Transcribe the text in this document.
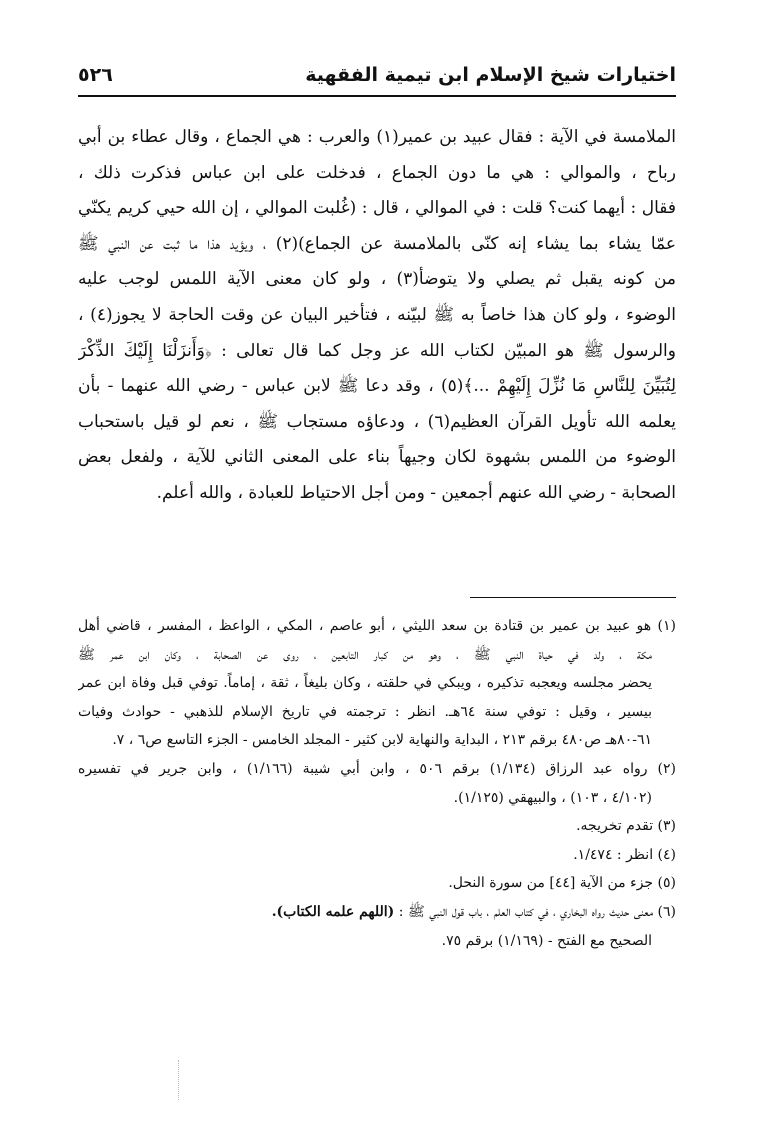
اختيارات شيخ الإسلام ابن تيمية الفقهية
٥٢٦
الملامسة في الآية : فقال عبيد بن عمير(١) والعرب : هي الجماع ، وقال عطاء بن أبي
رباح ، والموالي : هي ما دون الجماع ، فدخلت على ابن عباس فذكرت ذلك ،
فقال : أيهما كنت؟ قلت : في الموالي ، قال : (غُلبت الموالي ، إن الله حيي كريم يكنّي
عمّا يشاء بما يشاء إنه كنّى بالملامسة عن الجماع)(٢) ، ويؤيد هذا ما ثبت عن النبي ﷺ
من كونه يقبل ثم يصلي ولا يتوضأ(٣) ، ولو كان معنى الآية اللمس لوجب عليه
الوضوء ، ولو كان هذا خاصاً به ﷺ لبيّنه ، فتأخير البيان عن وقت الحاجة لا يجوز(٤) ،
والرسول ﷺ هو المبيّن لكتاب الله عز وجل كما قال تعالى : ﴿وَأَنزَلْنَا إِلَيْكَ الذِّكْرَ
لِتُبَيِّنَ لِلنَّاسِ مَا نُزِّلَ إِلَيْهِمْ ...﴾(٥) ، وقد دعا ﷺ لابن عباس - رضي الله عنهما - بأن
يعلمه الله تأويل القرآن العظيم(٦) ، ودعاؤه مستجاب ﷺ ، نعم لو قيل باستحباب
الوضوء من اللمس بشهوة لكان وجيهاً بناء على المعنى الثاني للآية ، ولفعل بعض
الصحابة - رضي الله عنهم أجمعين - ومن أجل الاحتياط للعبادة ، والله أعلم.
(١) هو عبيد بن عمير بن قتادة بن سعد الليثي ، أبو عاصم ، المكي ، الواعظ ، المفسر ، قاضي أهل
مكة ، ولد في حياة النبي ﷺ ، وهو من كبار التابعين ، روى عن الصحابة ، وكان ابن عمر ﷺ
يحضر مجلسه ويعجبه تذكيره ، ويبكي في حلقته ، وكان بليغاً ، ثقة ، إماماً. توفي قبل وفاة ابن عمر
بيسير ، وقيل : توفي سنة ٦٤هـ. انظر : ترجمته في تاريخ الإسلام للذهبي - حوادث وفيات
٦١-٨٠هـ ص٤٨٠ برقم ٢١٣ ، البداية والنهاية لابن كثير - المجلد الخامس - الجزء التاسع ص٦ ، ٧.
(٢) رواه عبد الرزاق (١/١٣٤) برقم ٥٠٦ ، وابن أبي شيبة (١/١٦٦) ، وابن جرير في تفسيره
(٤/١٠٢ ، ١٠٣) ، والبيهقي (١/١٢٥).
(٣) تقدم تخريجه.
(٤) انظر : ١/٤٧٤.
(٥) جزء من الآية [٤٤] من سورة النحل.
(٦) معنى حديث رواه البخاري ، في كتاب العلم ، باب قول النبي ﷺ : (اللهم علمه الكتاب).
الصحيح مع الفتح - (١/١٦٩) برقم ٧٥.
